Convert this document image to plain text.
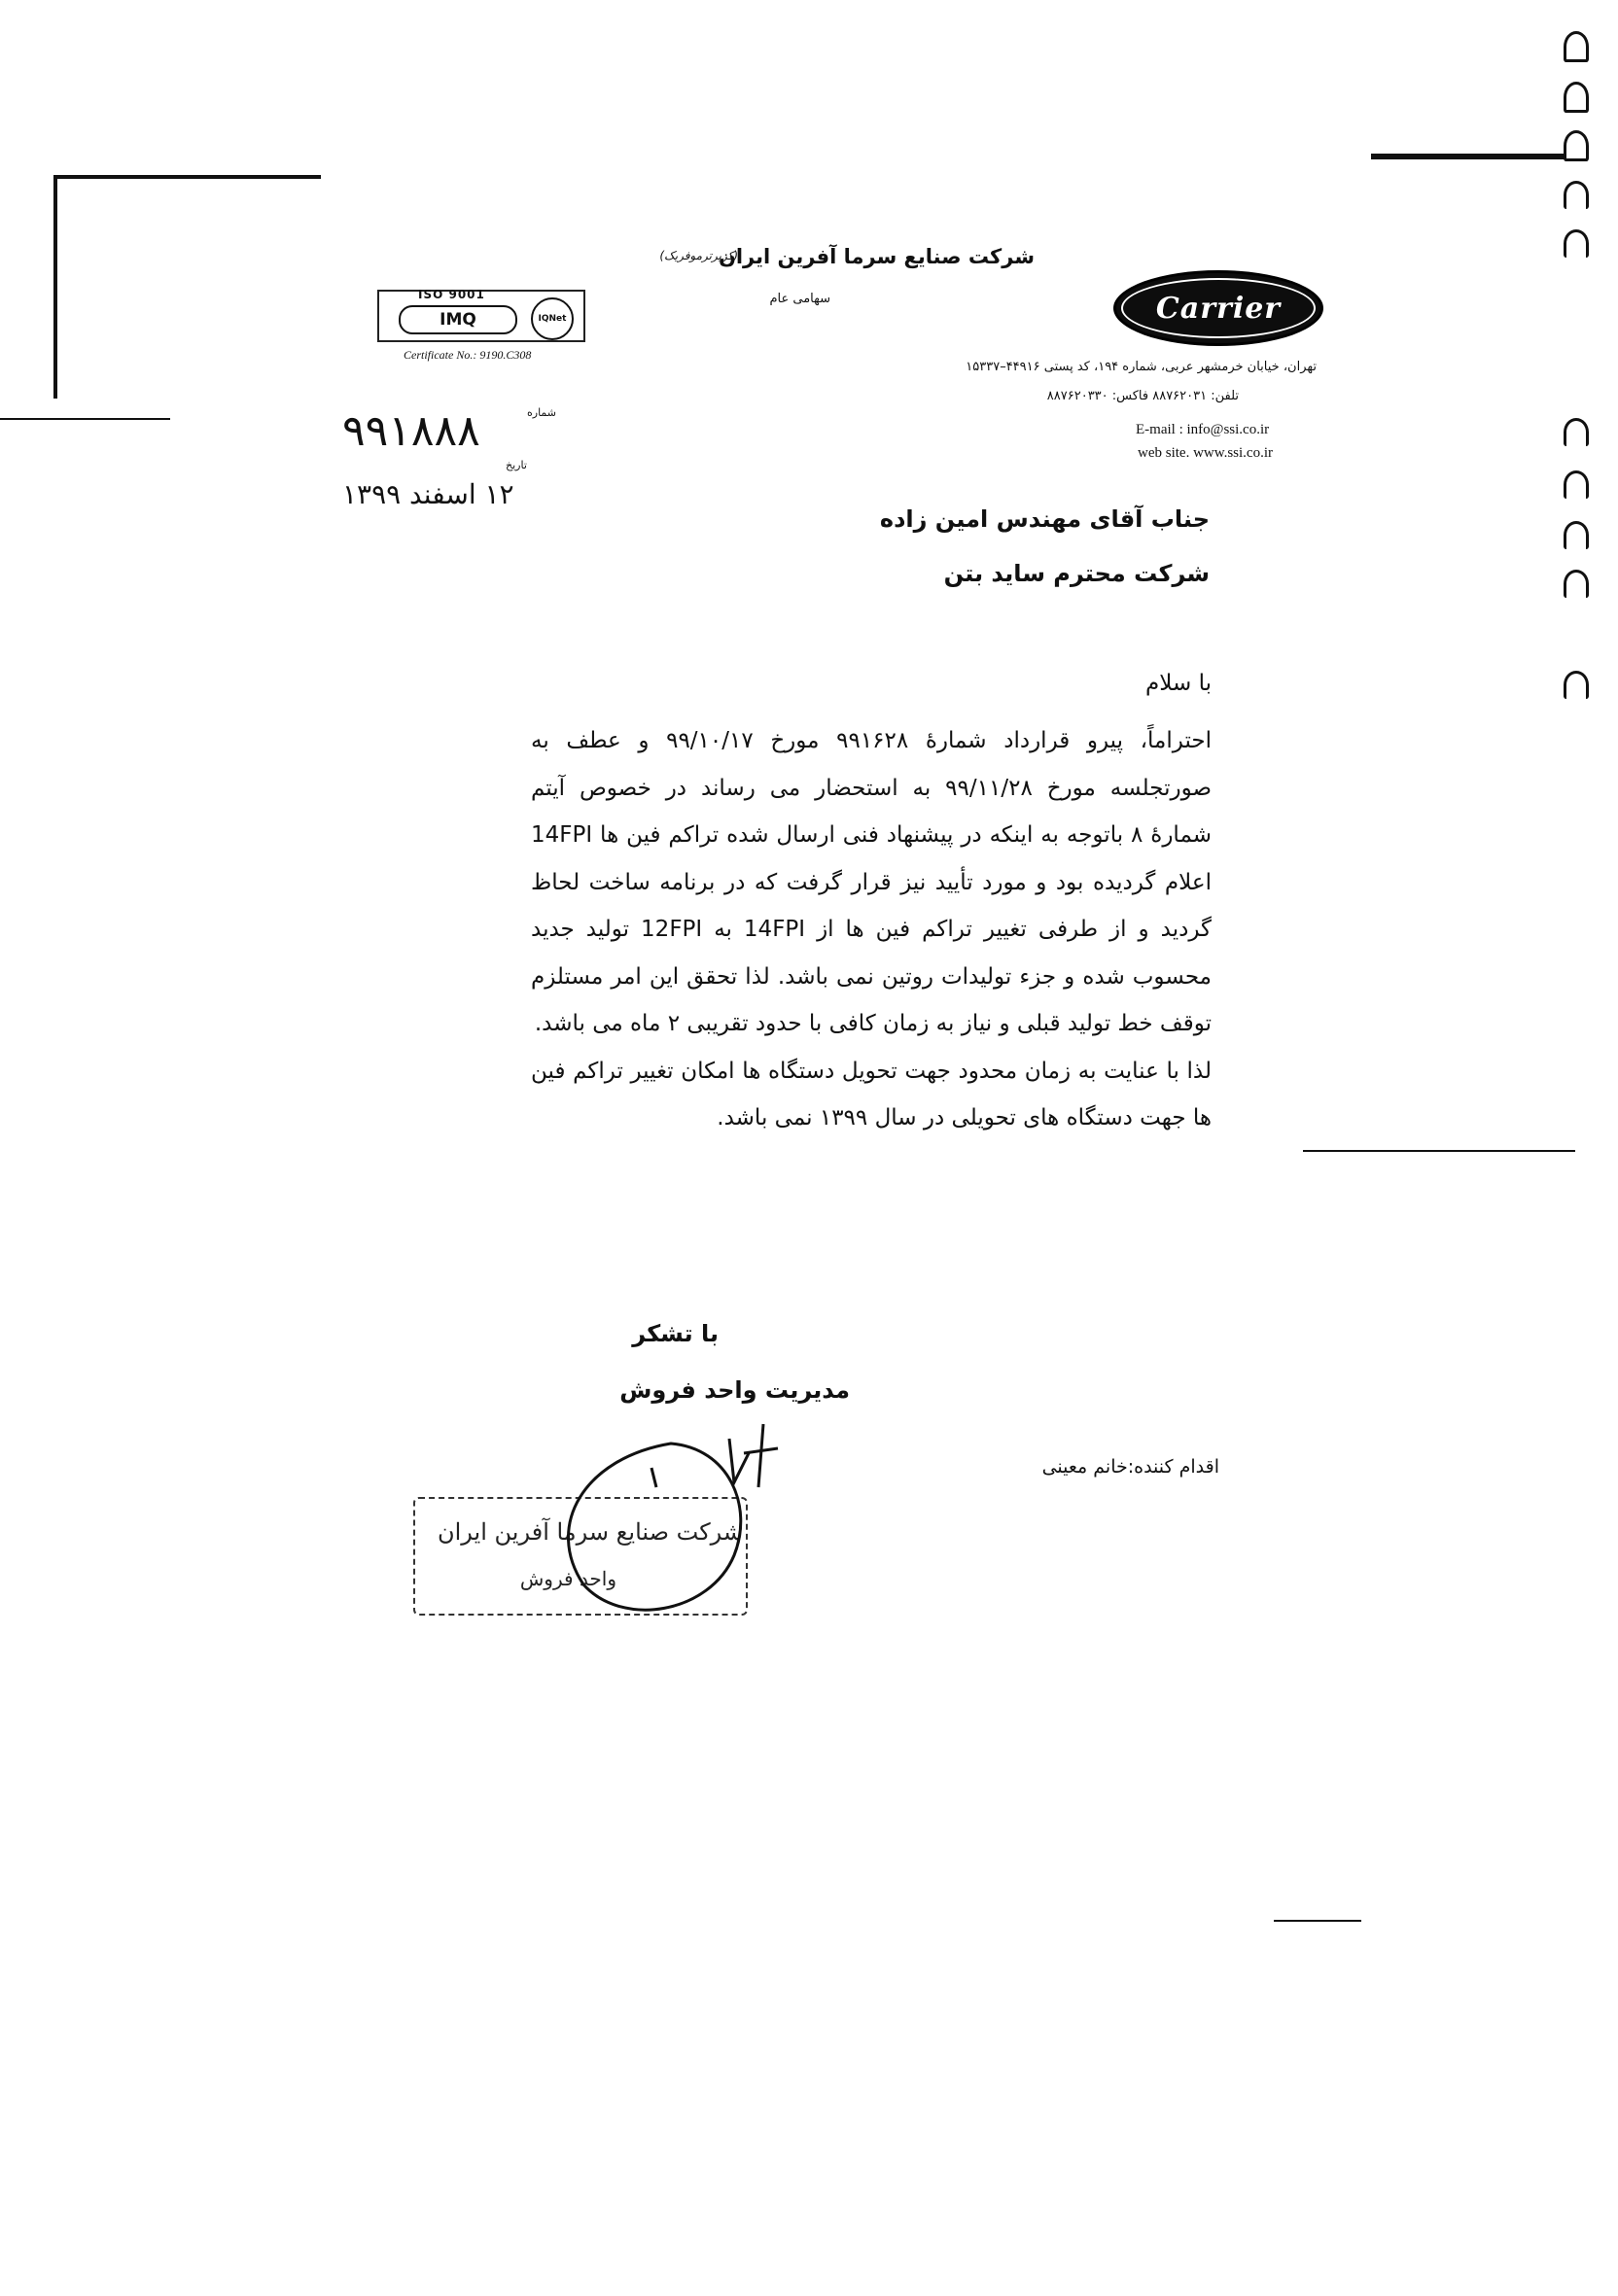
شرکت صنایع سرما آفرین ایران
(کریرترموفریک)
سهامی عام	Carrier
تهران، خیابان خرمشهر عربی، شماره ۱۹۴، کد پستی ۴۴۹۱۶–۱۵۳۳۷
تلفن: ۸۸۷۶۲۰۳۱ فاکس: ۸۸۷۶۲۰۳۳۰
E-mail : info@ssi.co.ir
web site. www.ssi.co.ir
ISO 9001
IMQ	IQNet
Certificate No.: 9190.C308
شماره
۹۹۱۸۸۸
تاریخ
۱۲ اسفند ۱۳۹۹
جناب آقای مهندس امین زاده
شرکت محترم ساید بتن
با سلام

احتراماً، پیرو قرارداد شمارهٔ ۹۹۱۶۲۸ مورخ ۹۹/۱۰/۱۷ و عطف به صورتجلسه مورخ ۹۹/۱۱/۲۸ به استحضار می رساند در خصوص آیتم شمارهٔ ۸ باتوجه به اینکه در پیشنهاد فنی ارسال شده تراکم فین ها 14FPI اعلام گردیده بود و مورد تأیید نیز قرار گرفت که در برنامه ساخت لحاظ گردید و از طرفی تغییر تراکم فین ها از 14FPI به 12FPI تولید جدید محسوب شده و جزء تولیدات روتین نمی باشد. لذا تحقق این امر مستلزم توقف خط تولید قبلی و نیاز به زمان کافی با حدود تقریبی ۲ ماه می باشد.

لذا با عنایت به زمان محدود جهت تحویل دستگاه ها امکان تغییر تراکم فین ها جهت دستگاه های تحویلی در سال ۱۳۹۹ نمی باشد.

با تشکر
مدیریت واحد فروش
اقدام کننده:خانم معینی
شرکت صنایع سرما آفرین ایران
واحد فروش
